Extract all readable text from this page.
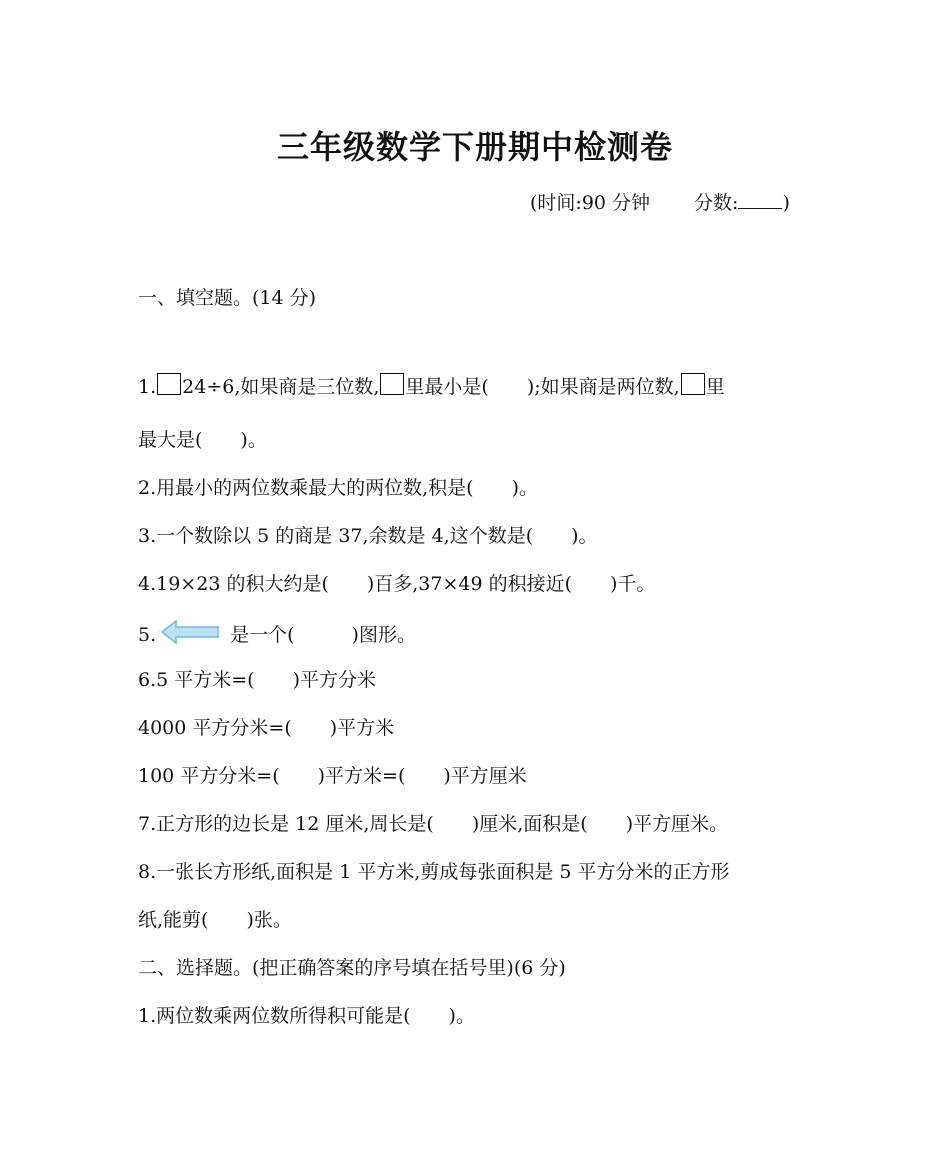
三年级数学下册期中检测卷
(时间:90 分钟 分数: )
一、填空题。(14 分)
1. 24÷6,如果商是三位数, 里最小是(　　 );如果商是两位数, 里
最大是(　　)。
2.用最小的两位数乘最大的两位数,积是(　　)。
3.一个数除以 5 的商是 37,余数是 4,这个数是(　　)。
4.19×23 的积大约是(　　)百多,37×49 的积接近(　　)千。
5.	是一个(　　　)图形。
6.5 平方米=(　　)平方分米
4000 平方分米=(　　)平方米
100 平方分米=(　　)平方米=(　　)平方厘米
7.正方形的边长是 12 厘米,周长是(　　)厘米,面积是(　　)平方厘米。
8.一张长方形纸,面积是 1 平方米,剪成每张面积是 5 平方分米的正方形
纸,能剪(　　)张。
二、选择题。(把正确答案的序号填在括号里)(6 分)
1.两位数乘两位数所得积可能是(　　)。
